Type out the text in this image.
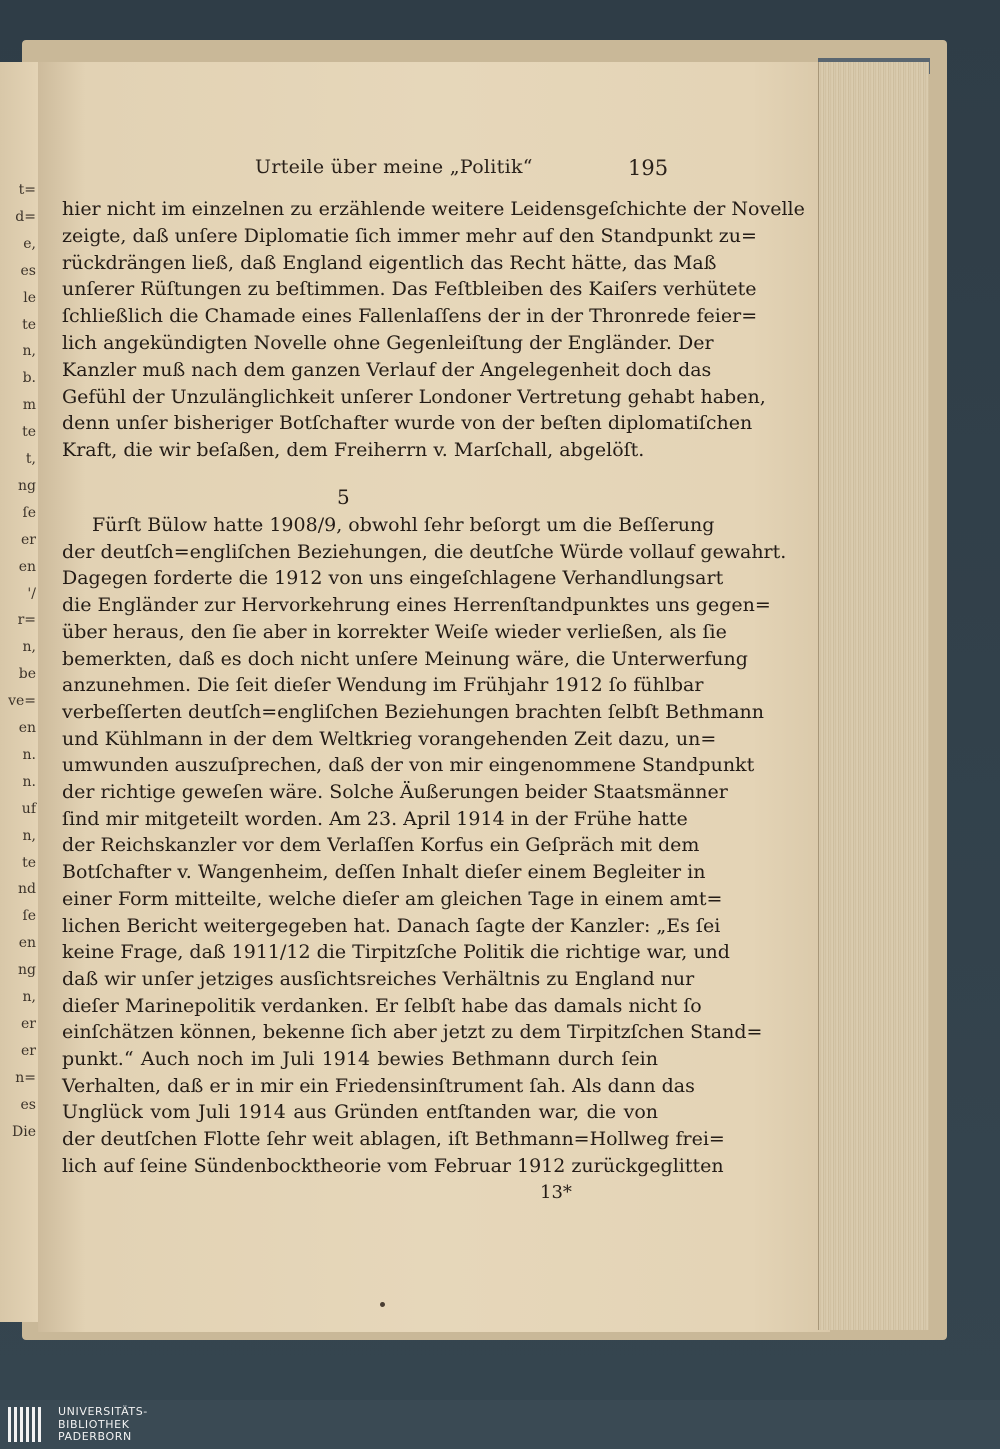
t=
d=
e,
es
le
te
n,
b.
m
te
t,
ng
ſe
er
en
'/
r=
n,
be
ve=
en
n.
n.
uf
n,
te
nd
ſe
en
ng
n,
er
er
n=
es
Die
Urteile über meine „Politik“	195
hier nicht im einzelnen zu erzählende weitere Leidensgeſchichte der Novelle
zeigte, daß unſere Diplomatie ſich immer mehr auf den Standpunkt zu=
rückdrängen ließ, daß England eigentlich das Recht hätte, das Maß
unſerer Rüſtungen zu beſtimmen. Das Feſtbleiben des Kaiſers verhütete
ſchließlich die Chamade eines Fallenlaſſens der in der Thronrede feier=
lich angekündigten Novelle ohne Gegenleiſtung der Engländer. Der
Kanzler muß nach dem ganzen Verlauf der Angelegenheit doch das
Gefühl der Unzulänglichkeit unſerer Londoner Vertretung gehabt haben,
denn unſer bisheriger Botſchafter wurde von der beſten diplomatiſchen
Kraft, die wir beſaßen, dem Freiherrn v. Marſchall, abgelöſt.
5
Fürſt Bülow hatte 1908/9, obwohl ſehr beſorgt um die Beſſerung
der deutſch=engliſchen Beziehungen, die deutſche Würde vollauf gewahrt.
Dagegen forderte die 1912 von uns eingeſchlagene Verhandlungsart
die Engländer zur Hervorkehrung eines Herrenſtandpunktes uns gegen=
über heraus, den ſie aber in korrekter Weiſe wieder verließen, als ſie
bemerkten, daß es doch nicht unſere Meinung wäre, die Unterwerfung
anzunehmen. Die ſeit dieſer Wendung im Frühjahr 1912 ſo fühlbar
verbeſſerten deutſch=engliſchen Beziehungen brachten ſelbſt Bethmann
und Kühlmann in der dem Weltkrieg vorangehenden Zeit dazu, un=
umwunden auszuſprechen, daß der von mir eingenommene Standpunkt
der richtige geweſen wäre. Solche Äußerungen beider Staatsmänner
ſind mir mitgeteilt worden. Am 23. April 1914 in der Frühe hatte
der Reichskanzler vor dem Verlaſſen Korfus ein Geſpräch mit dem
Botſchafter v. Wangenheim, deſſen Inhalt dieſer einem Begleiter in
einer Form mitteilte, welche dieſer am gleichen Tage in einem amt=
lichen Bericht weitergegeben hat. Danach ſagte der Kanzler: „Es ſei
keine Frage, daß 1911/12 die Tirpitzſche Politik die richtige war, und
daß wir unſer jetziges ausſichtsreiches Verhältnis zu England nur
dieſer Marinepolitik verdanken. Er ſelbſt habe das damals nicht ſo
einſchätzen können, bekenne ſich aber jetzt zu dem Tirpitzſchen Stand=
punkt.“ Auch noch im Juli 1914 bewies Bethmann durch ſein
Verhalten, daß er in mir ein Friedensinſtrument ſah. Als dann das
Unglück vom Juli 1914 aus Gründen entſtanden war, die von
der deutſchen Flotte ſehr weit ablagen, iſt Bethmann=Hollweg frei=
lich auf ſeine Sündenbocktheorie vom Februar 1912 zurückgeglitten
13*
UNIVERSITÄTS-
BIBLIOTHEK
PADERBORN
